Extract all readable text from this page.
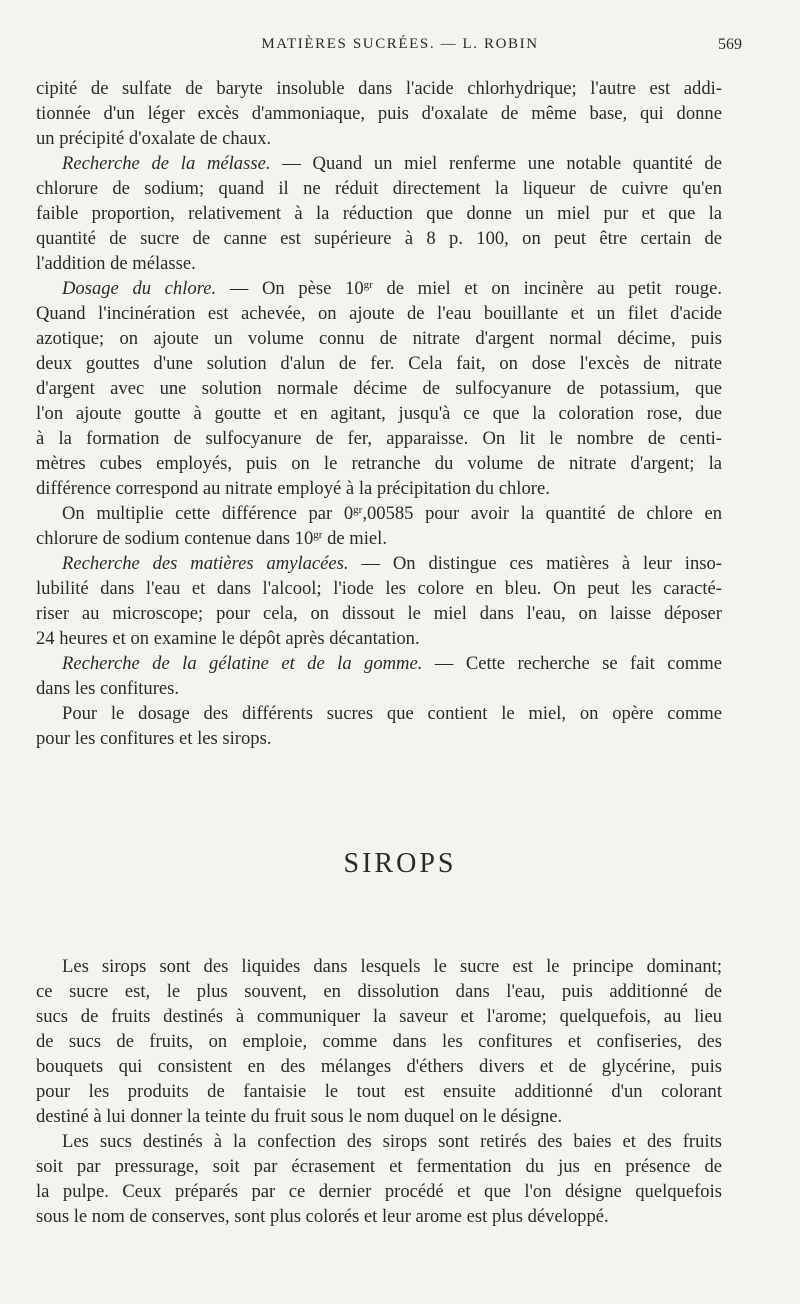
MATIÈRES SUCRÉES. — L. ROBIN	569

cipité de sulfate de baryte insoluble dans l'acide chlorhydrique; l'autre est addi-

tionnée d'un léger excès d'ammoniaque, puis d'oxalate de même base, qui donne

un précipité d'oxalate de chaux.

Recherche de la mélasse. — Quand un miel renferme une notable quantité de

chlorure de sodium; quand il ne réduit directement la liqueur de cuivre qu'en

faible proportion, relativement à la réduction que donne un miel pur et que la

quantité de sucre de canne est supérieure à 8 p. 100, on peut être certain de

l'addition de mélasse.

Dosage du chlore. — On pèse $10^{gr}$ de miel et on incinère au petit rouge.

Quand l'incinération est achevée, on ajoute de l'eau bouillante et un filet d'acide

azotique; on ajoute un volume connu de nitrate d'argent normal décime, puis

deux gouttes d'une solution d'alun de fer. Cela fait, on dose l'excès de nitrate

d'argent avec une solution normale décime de sulfocyanure de potassium, que

l'on ajoute goutte à goutte et en agitant, jusqu'à ce que la coloration rose, due

à la formation de sulfocyanure de fer, apparaisse. On lit le nombre de centi-

mètres cubes employés, puis on le retranche du volume de nitrate d'argent; la

différence correspond au nitrate employé à la précipitation du chlore.

On multiplie cette différence par $0^{gr},00585$ pour avoir la quantité de chlore en

chlorure de sodium contenue dans $10^{gr}$ de miel.

Recherche des matières amylacées. — On distingue ces matières à leur inso-

lubilité dans l'eau et dans l'alcool; l'iode les colore en bleu. On peut les caracté-

riser au microscope; pour cela, on dissout le miel dans l'eau, on laisse déposer

24 heures et on examine le dépôt après décantation.

Recherche de la gélatine et de la gomme. — Cette recherche se fait comme

dans les confitures.

Pour le dosage des différents sucres que contient le miel, on opère comme

pour les confitures et les sirops.

SIROPS

Les sirops sont des liquides dans lesquels le sucre est le principe dominant;

ce sucre est, le plus souvent, en dissolution dans l'eau, puis additionné de

sucs de fruits destinés à communiquer la saveur et l'arome; quelquefois, au lieu

de sucs de fruits, on emploie, comme dans les confitures et confiseries, des

bouquets qui consistent en des mélanges d'éthers divers et de glycérine, puis

pour les produits de fantaisie le tout est ensuite additionné d'un colorant

destiné à lui donner la teinte du fruit sous le nom duquel on le désigne.

Les sucs destinés à la confection des sirops sont retirés des baies et des fruits

soit par pressurage, soit par écrasement et fermentation du jus en présence de

la pulpe. Ceux préparés par ce dernier procédé et que l'on désigne quelquefois

sous le nom de conserves, sont plus colorés et leur arome est plus développé.
